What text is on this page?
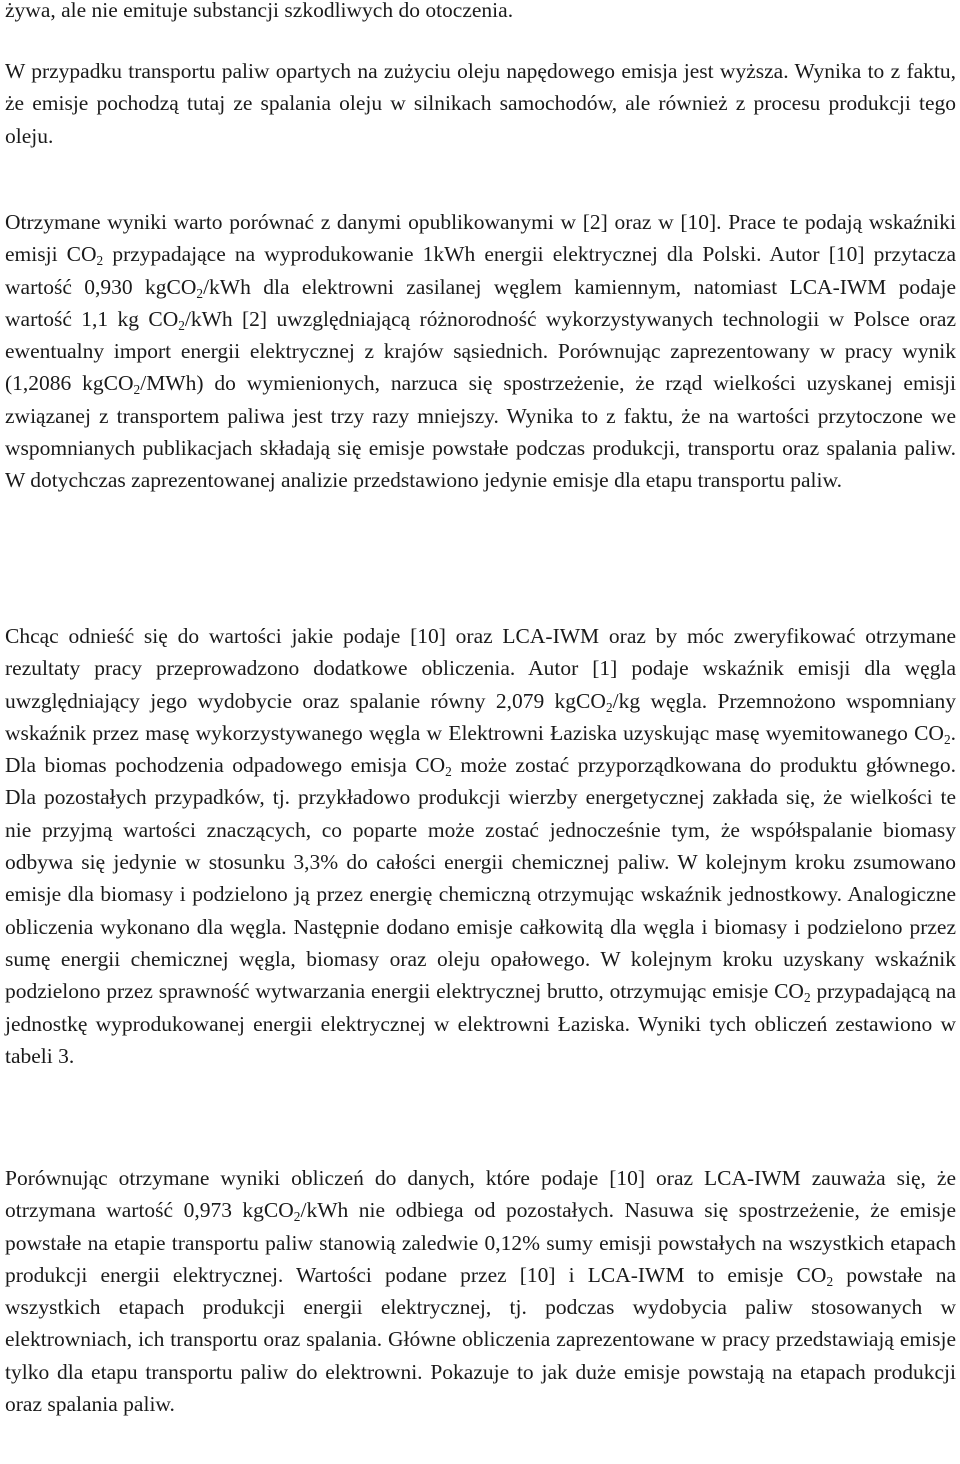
żywa, ale nie emituje substancji szkodliwych do otoczenia.

W przypadku transportu paliw opartych na zużyciu oleju napędowego emisja jest wyższa. Wynika to z faktu, że emisje pochodzą tutaj ze spalania oleju w silnikach samochodów, ale również z procesu produkcji tego oleju.

Otrzymane wyniki warto porównać z danymi opublikowanymi w [2] oraz w [10]. Prace te podają wskaźniki emisji $CO_2$ przypadające na wyprodukowanie 1kWh energii elektrycznej dla Polski. Autor [10] przytacza wartość 0,930 kgCO$_2$/kWh dla elektrowni zasilanej węglem kamiennym, natomiast LCA-IWM podaje wartość 1,1 kg $CO_2$/kWh [2] uwzględniającą różnorodność wykorzystywanych technologii w Polsce oraz ewentualny import energii elektrycznej z krajów sąsiednich. Porównując zaprezentowany w pracy wynik (1,2086 kgCO$_2$/MWh) do wymienionych, narzuca się spostrzeżenie, że rząd wielkości uzyskanej emisji związanej z transportem paliwa jest trzy razy mniejszy. Wynika to z faktu, że na wartości przytoczone we wspomnianych publikacjach składają się emisje powstałe podczas produkcji, transportu oraz spalania paliw. W dotychczas zaprezentowanej analizie przedstawiono jedynie emisje dla etapu transportu paliw.

Chcąc odnieść się do wartości jakie podaje [10] oraz LCA-IWM oraz by móc zweryfikować otrzymane rezultaty pracy przeprowadzono dodatkowe obliczenia. Autor [1] podaje wskaźnik emisji dla węgla uwzględniający jego wydobycie oraz spalanie równy 2,079 kgCO$_2$/kg węgla. Przemnożono wspomniany wskaźnik przez masę wykorzystywanego węgla w Elektrowni Łaziska uzyskując masę wyemitowanego $CO_2$. Dla biomas pochodzenia odpadowego emisja $CO_2$ może zostać przyporządkowana do produktu głównego. Dla pozostałych przypadków, tj. przykładowo produkcji wierzby energetycznej zakłada się, że wielkości te nie przyjmą wartości znaczących, co poparte może zostać jednocześnie tym, że współspalanie biomasy odbywa się jedynie w stosunku 3,3% do całości energii chemicznej paliw. W kolejnym kroku zsumowano emisje dla biomasy i podzielono ją przez energię chemiczną otrzymując wskaźnik jednostkowy. Analogiczne obliczenia wykonano dla węgla. Następnie dodano emisje całkowitą dla węgla i biomasy i podzielono przez sumę energii chemicznej węgla, biomasy oraz oleju opałowego. W kolejnym kroku uzyskany wskaźnik podzielono przez sprawność wytwarzania energii elektrycznej brutto, otrzymując emisje $CO_2$ przypadającą na jednostkę wyprodukowanej energii elektrycznej w elektrowni Łaziska. Wyniki tych obliczeń zestawiono w tabeli 3.

Porównując otrzymane wyniki obliczeń do danych, które podaje [10] oraz LCA-IWM zauważa się, że otrzymana wartość 0,973 kgCO$_2$/kWh nie odbiega od pozostałych. Nasuwa się spostrzeżenie, że emisje powstałe na etapie transportu paliw stanowią zaledwie 0,12% sumy emisji powstałych na wszystkich etapach produkcji energii elektrycznej. Wartości podane przez [10] i LCA-IWM to emisje $CO_2$ powstałe na wszystkich etapach produkcji energii elektrycznej, tj. podczas wydobycia paliw stosowanych w elektrowniach, ich transportu oraz spalania. Główne obliczenia zaprezentowane w pracy przedstawiają emisje tylko dla etapu transportu paliw do elektrowni. Pokazuje to jak duże emisje powstają na etapach produkcji oraz spalania paliw.
